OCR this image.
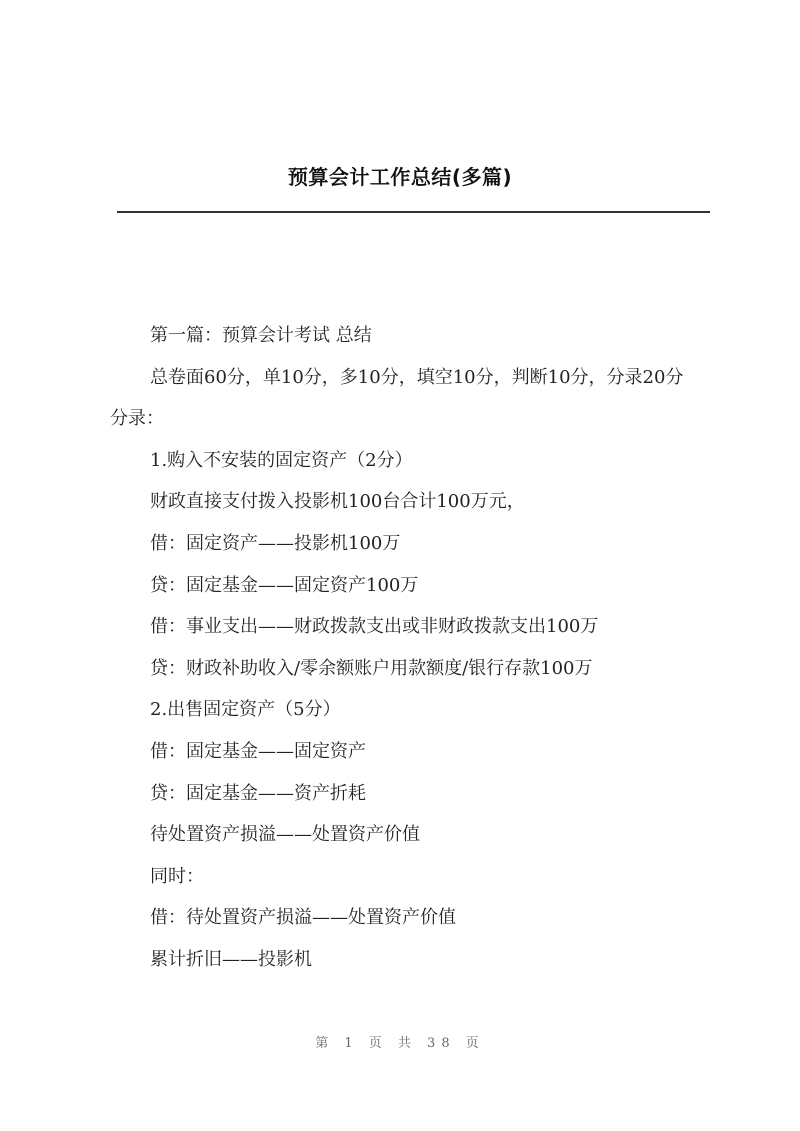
预算会计工作总结(多篇)

第一篇：预算会计考试 总结

总卷面60分，单10分，多10分，填空10分，判断10分，分录20分 分录：

1.购入不安装的固定资产（2分）

财政直接支付拨入投影机100台合计100万元，

借：固定资产——投影机100万

贷：固定基金——固定资产100万

借：事业支出——财政拨款支出或非财政拨款支出100万

贷：财政补助收入/零余额账户用款额度/银行存款100万

2.出售固定资产（5分）

借：固定基金——固定资产

贷：固定基金——资产折耗

待处置资产损溢——处置资产价值

同时：

借：待处置资产损溢——处置资产价值

累计折旧——投影机

第 1 页 共 38 页
